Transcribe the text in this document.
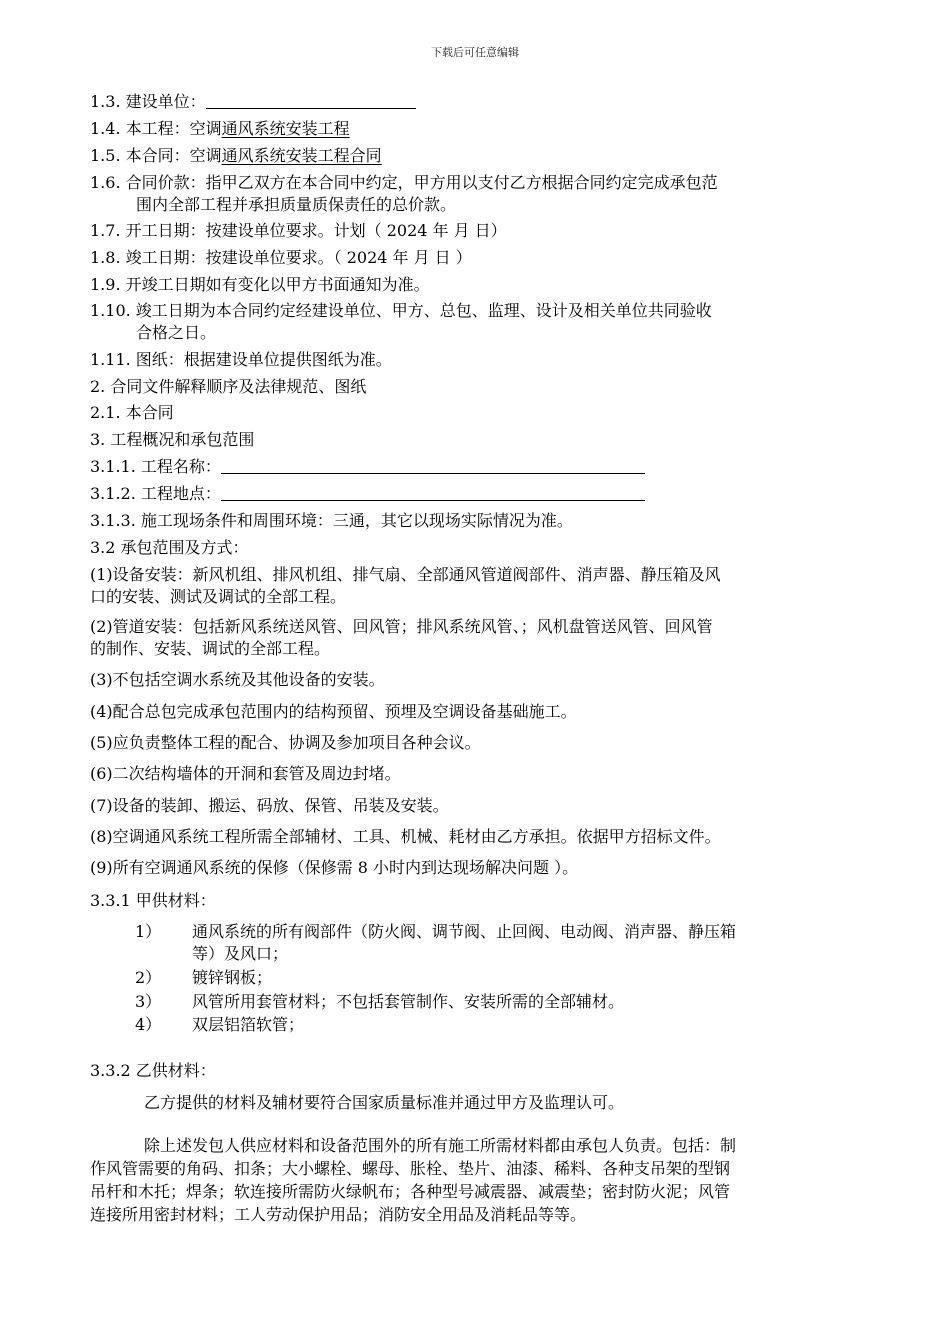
下载后可任意编辑
1.3. 建设单位：
1.4. 本工程：空调通风系统安装工程
1.5. 本合同：空调通风系统安装工程合同
1.6. 合同价款：指甲乙双方在本合同中约定，甲方用以支付乙方根据合同约定完成承包范
围内全部工程并承担质量质保责任的总价款。
1.7. 开工日期：按建设单位要求。计划（ 2024 年 月 日）
1.8. 竣工日期：按建设单位要求。（ 2024 年 月 日 ）
1.9. 开竣工日期如有变化以甲方书面通知为准。
1.10. 竣工日期为本合同约定经建设单位、甲方、总包、监理、设计及相关单位共同验收
合格之日。
1.11. 图纸：根据建设单位提供图纸为准。
2. 合同文件解释顺序及法律规范、图纸
2.1. 本合同
3. 工程概况和承包范围
3.1.1. 工程名称：
3.1.2. 工程地点：
3.1.3. 施工现场条件和周围环境：三通，其它以现场实际情况为准。
3.2 承包范围及方式：
(1)设备安装：新风机组、排风机组、排气扇、全部通风管道阀部件、消声器、静压箱及风
口的安装、测试及调试的全部工程。
(2)管道安装：包括新风系统送风管、回风管；排风系统风管、；风机盘管送风管、回风管
的制作、安装、调试的全部工程。
(3)不包括空调水系统及其他设备的安装。
(4)配合总包完成承包范围内的结构预留、预埋及空调设备基础施工。
(5)应负责整体工程的配合、协调及参加项目各种会议。
(6)二次结构墙体的开洞和套管及周边封堵。
(7)设备的装卸、搬运、码放、保管、吊装及安装。
(8)空调通风系统工程所需全部辅材、工具、机械、耗材由乙方承担。依据甲方招标文件。
(9)所有空调通风系统的保修（保修需 8 小时内到达现场解决问题 ）。
3.3.1 甲供材料：
1） 通风系统的所有阀部件（防火阀、调节阀、止回阀、电动阀、消声器、静压箱
等）及风口；
2） 镀锌钢板；
3） 风管所用套管材料；不包括套管制作、安装所需的全部辅材。
4） 双层铝箔软管；
3.3.2 乙供材料：
乙方提供的材料及辅材要符合国家质量标准并通过甲方及监理认可。
除上述发包人供应材料和设备范围外的所有施工所需材料都由承包人负责。包括：制
作风管需要的角码、扣条；大小螺栓、螺母、胀栓、垫片、油漆、稀料、各种支吊架的型钢
吊杆和木托；焊条；软连接所需防火绿帆布；各种型号减震器、减震垫；密封防火泥；风管
连接所用密封材料；工人劳动保护用品；消防安全用品及消耗品等等。
